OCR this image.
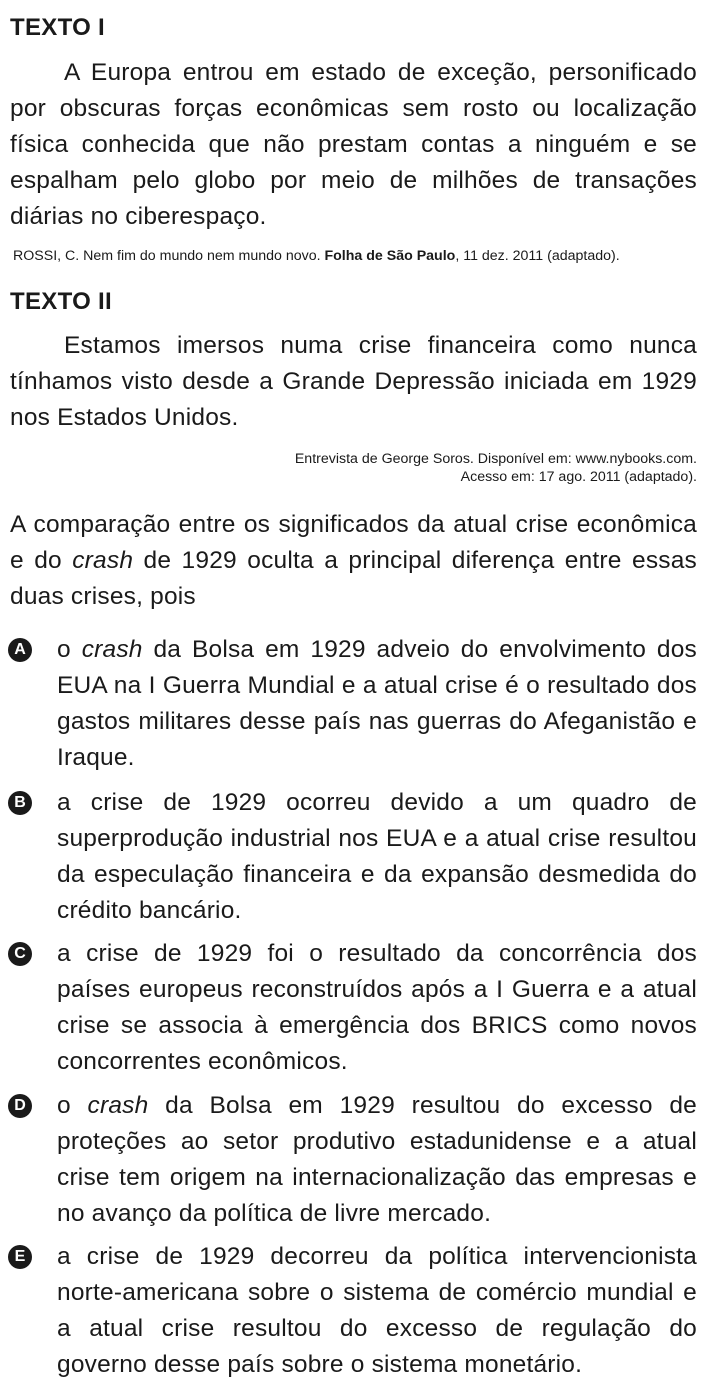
TEXTO I
A Europa entrou em estado de exceção, personificado por obscuras forças econômicas sem rosto ou localização física conhecida que não prestam contas a ninguém e se espalham pelo globo por meio de milhões de transações diárias no ciberespaço.
ROSSI, C. Nem fim do mundo nem mundo novo. Folha de São Paulo, 11 dez. 2011 (adaptado).
TEXTO II
Estamos imersos numa crise financeira como nunca tínhamos visto desde a Grande Depressão iniciada em 1929 nos Estados Unidos.
Entrevista de George Soros. Disponível em: www.nybooks.com.
Acesso em: 17 ago. 2011 (adaptado).
A comparação entre os significados da atual crise econômica e do crash de 1929 oculta a principal diferença entre essas duas crises, pois
A o crash da Bolsa em 1929 adveio do envolvimento dos EUA na I Guerra Mundial e a atual crise é o resultado dos gastos militares desse país nas guerras do Afeganistão e Iraque.
B a crise de 1929 ocorreu devido a um quadro de superprodução industrial nos EUA e a atual crise resultou da especulação financeira e da expansão desmedida do crédito bancário.
C a crise de 1929 foi o resultado da concorrência dos países europeus reconstruídos após a I Guerra e a atual crise se associa à emergência dos BRICS como novos concorrentes econômicos.
D o crash da Bolsa em 1929 resultou do excesso de proteções ao setor produtivo estadunidense e a atual crise tem origem na internacionalização das empresas e no avanço da política de livre mercado.
E a crise de 1929 decorreu da política intervencionista norte-americana sobre o sistema de comércio mundial e a atual crise resultou do excesso de regulação do governo desse país sobre o sistema monetário.
